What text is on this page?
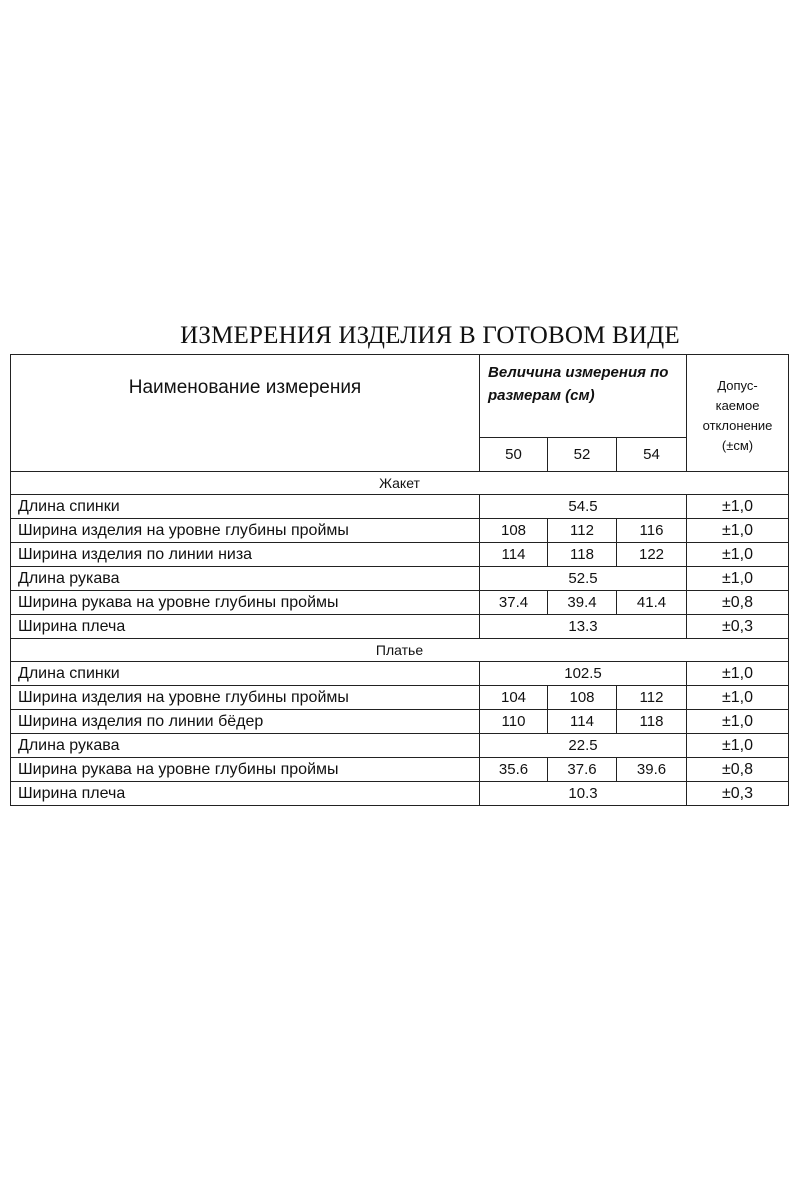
ИЗМЕРЕНИЯ ИЗДЕЛИЯ В ГОТОВОМ ВИДЕ
Наименование измерения	Величина измерения по размерам (см)			Допус-
каемое
отклонение
(±см)
	50	52	54	
Жакет				
Длина спинки	54.5			±1,0
Ширина изделия на уровне глубины проймы	108	112	116	±1,0
Ширина изделия по линии низа	114	118	122	±1,0
Длина рукава	52.5			±1,0
Ширина рукава на уровне глубины проймы	37.4	39.4	41.4	±0,8
Ширина плеча	13.3			±0,3
Платье				
Длина спинки	102.5			±1,0
Ширина изделия на уровне глубины проймы	104	108	112	±1,0
Ширина изделия по линии бёдер	110	114	118	±1,0
Длина рукава	22.5			±1,0
Ширина рукава на уровне глубины проймы	35.6	37.6	39.6	±0,8
Ширина плеча	10.3			±0,3
